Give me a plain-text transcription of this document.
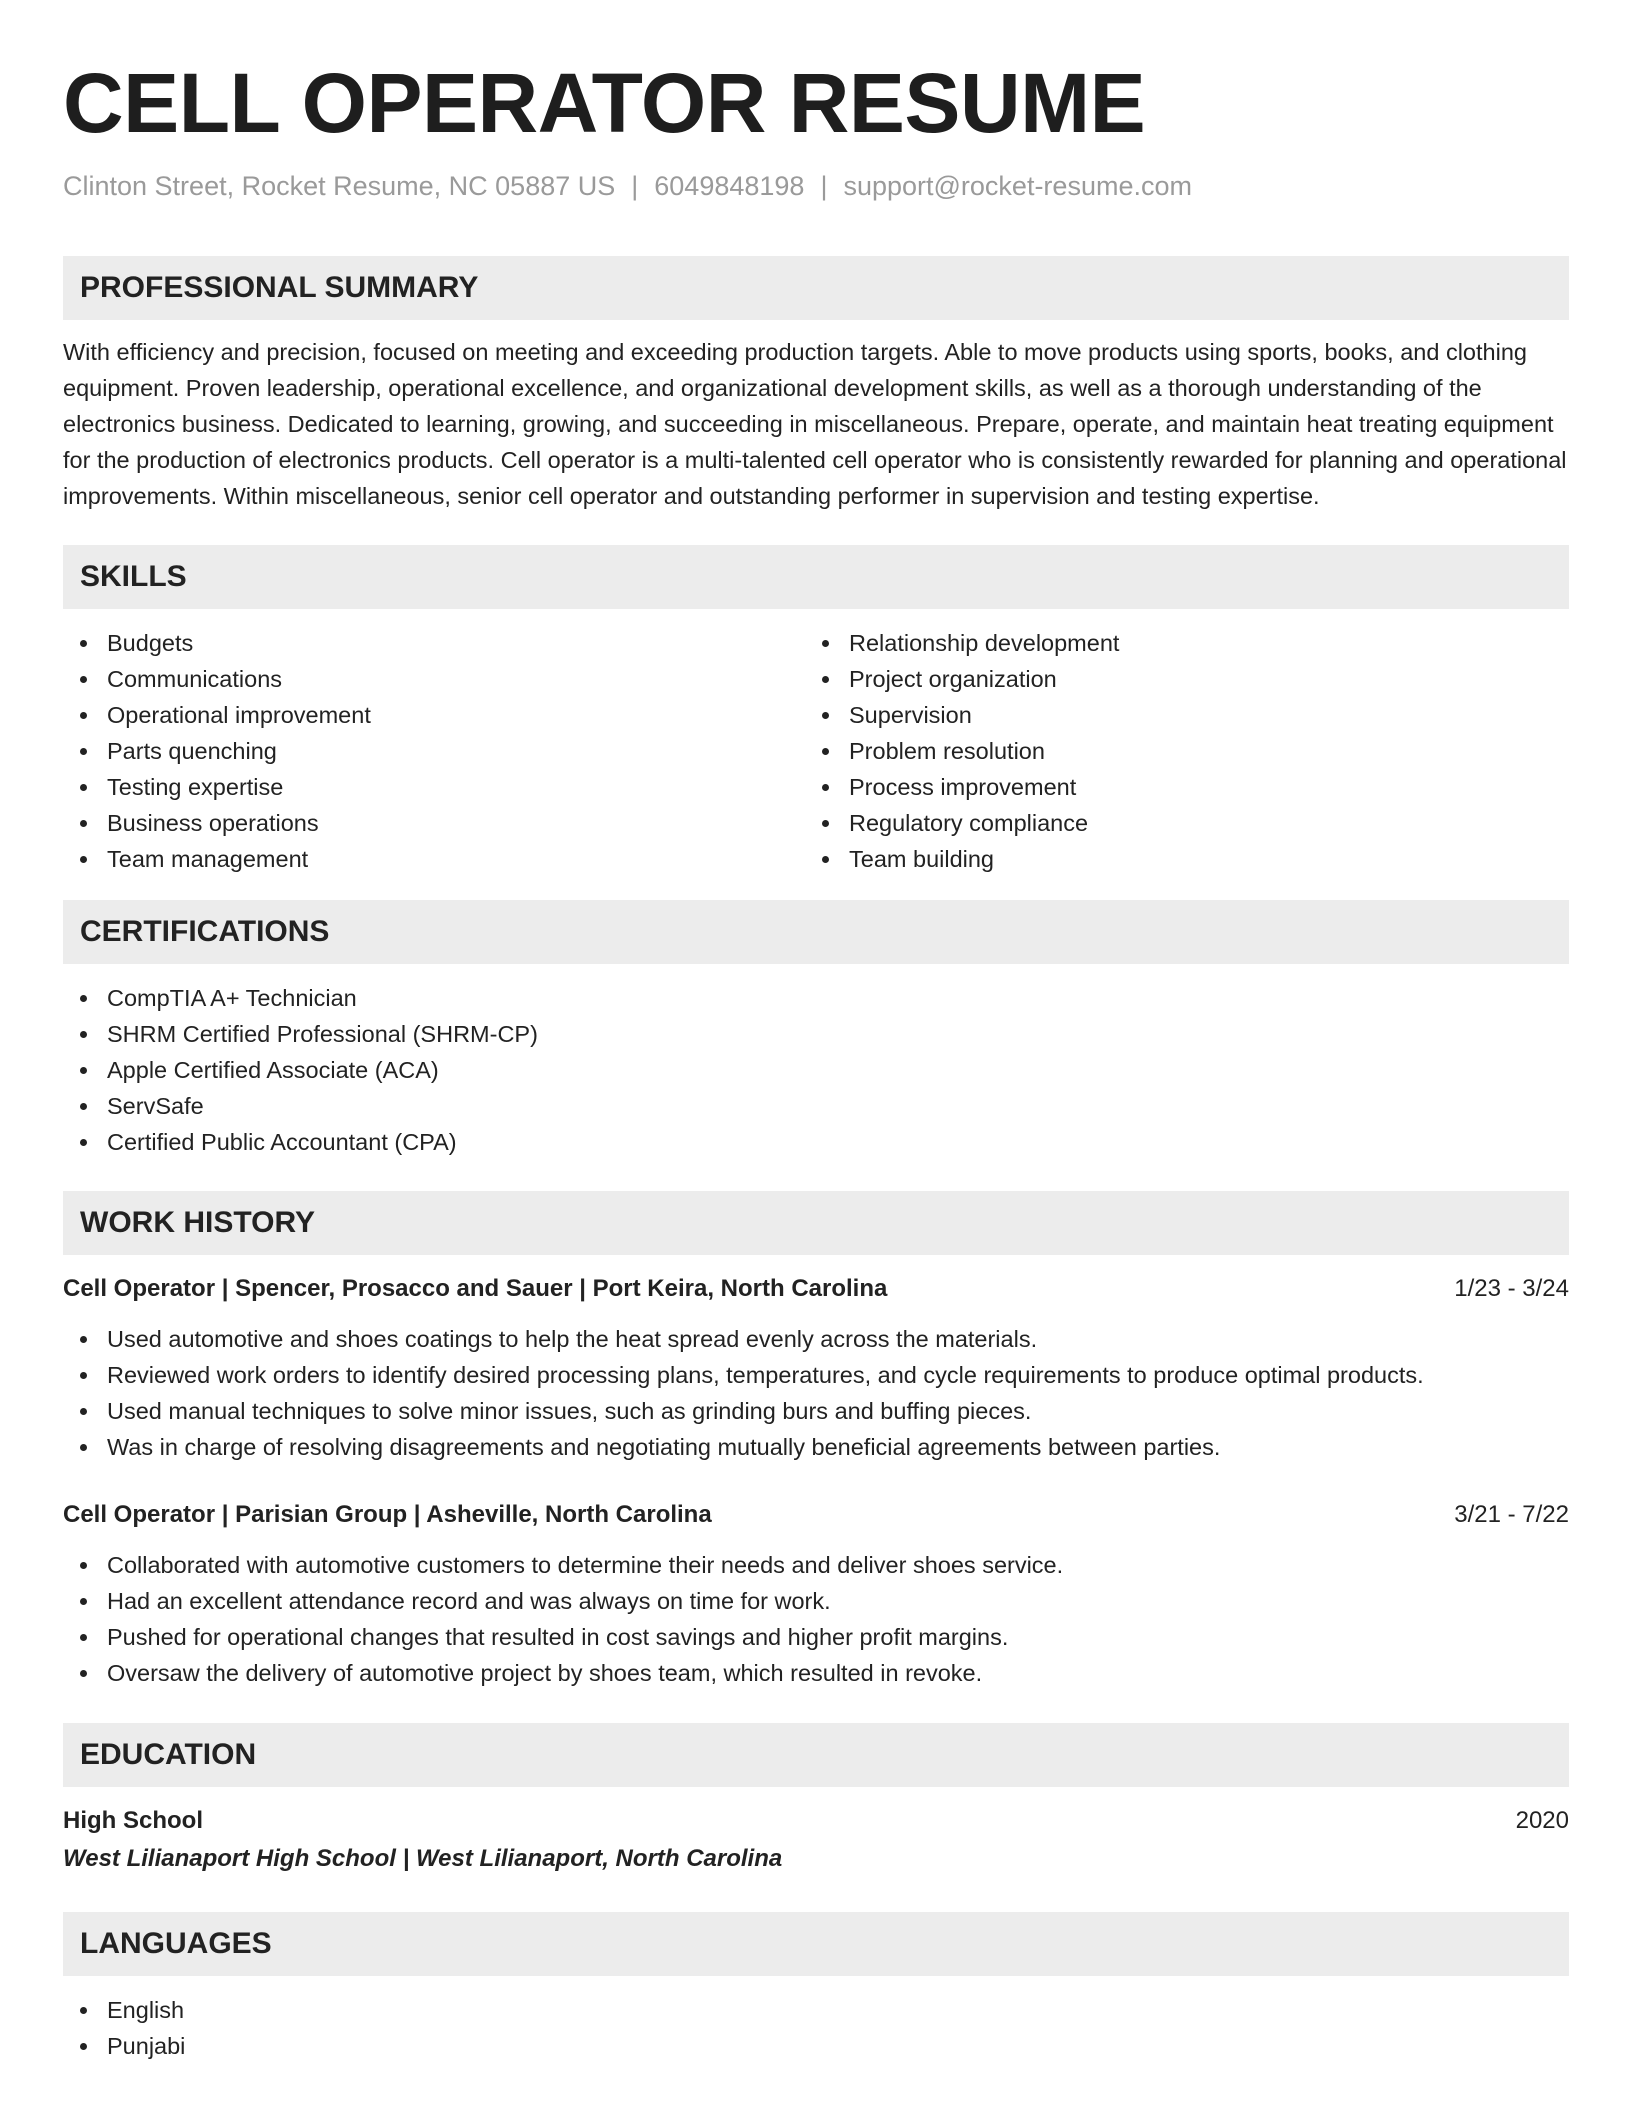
CELL OPERATOR RESUME
Clinton Street, Rocket Resume, NC 05887 US | 6049848198 | support@rocket-resume.com
PROFESSIONAL SUMMARY
With efficiency and precision, focused on meeting and exceeding production targets. Able to move products using sports, books, and clothing equipment. Proven leadership, operational excellence, and organizational development skills, as well as a thorough understanding of the electronics business. Dedicated to learning, growing, and succeeding in miscellaneous. Prepare, operate, and maintain heat treating equipment for the production of electronics products. Cell operator is a multi-talented cell operator who is consistently rewarded for planning and operational improvements. Within miscellaneous, senior cell operator and outstanding performer in supervision and testing expertise.
SKILLS
Budgets
Communications
Operational improvement
Parts quenching
Testing expertise
Business operations
Team management
Relationship development
Project organization
Supervision
Problem resolution
Process improvement
Regulatory compliance
Team building
CERTIFICATIONS
CompTIA A+ Technician
SHRM Certified Professional (SHRM-CP)
Apple Certified Associate (ACA)
ServSafe
Certified Public Accountant (CPA)
WORK HISTORY
Cell Operator | Spencer, Prosacco and Sauer | Port Keira, North Carolina	1/23 - 3/24
Used automotive and shoes coatings to help the heat spread evenly across the materials.
Reviewed work orders to identify desired processing plans, temperatures, and cycle requirements to produce optimal products.
Used manual techniques to solve minor issues, such as grinding burs and buffing pieces.
Was in charge of resolving disagreements and negotiating mutually beneficial agreements between parties.
Cell Operator | Parisian Group | Asheville, North Carolina	3/21 - 7/22
Collaborated with automotive customers to determine their needs and deliver shoes service.
Had an excellent attendance record and was always on time for work.
Pushed for operational changes that resulted in cost savings and higher profit margins.
Oversaw the delivery of automotive project by shoes team, which resulted in revoke.
EDUCATION
High School	2020
West Lilianaport High School | West Lilianaport, North Carolina
LANGUAGES
English
Punjabi
